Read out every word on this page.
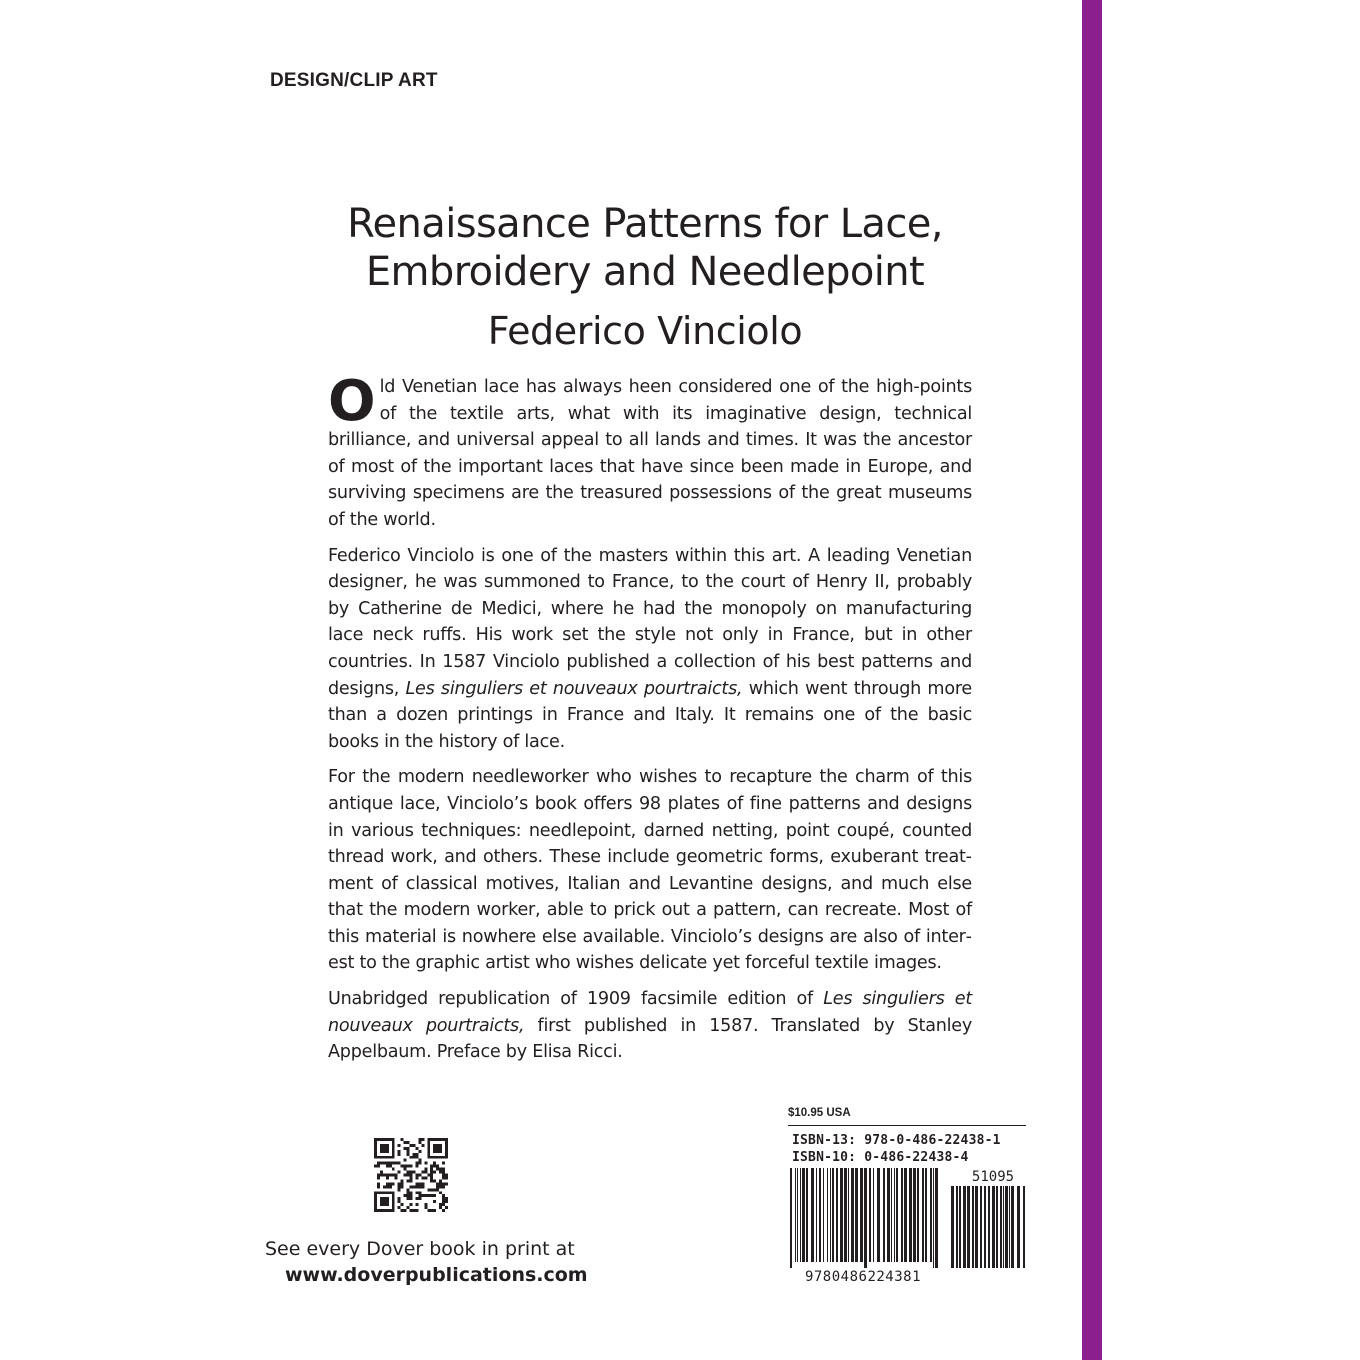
DESIGN/CLIP ART
Renaissance Patterns for Lace,
Embroidery and Needlepoint
Federico Vinciolo

Old Venetian lace has always heen considered one of the high-points of the textile arts, what with its imaginative design, technical brilliance, and universal appeal to all lands and times. It was the ancestor of most of the important laces that have since been made in Europe, and surviving specimens are the treasured possessions of the great museums of the world.

Federico Vinciolo is one of the masters within this art. A leading Venetian designer, he was summoned to France, to the court of Henry II, probably by Catherine de Medici, where he had the monopoly on manufacturing lace neck ruffs. His work set the style not only in France, but in other countries. In 1587 Vinciolo published a collection of his best patterns and designs, Les singuliers et nouveaux pourtraicts, which went through more than a dozen printings in France and Italy. It remains one of the basic books in the history of lace.

For the modern needleworker who wishes to recapture the charm of this antique lace, Vinciolo’s book offers 98 plates of fine patterns and designs in various techniques: needlepoint, darned netting, point coupé, counted thread work, and others. These include geometric forms, exuberant treatment of classical motives, Italian and Levantine designs, and much else that the modern worker, able to prick out a pattern, can recreate. Most of this material is nowhere else available. Vinciolo’s designs are also of interest to the graphic artist who wishes delicate yet forceful textile images.

Unabridged republication of 1909 facsimile edition of Les singuliers et nouveaux pourtraicts, first published in 1587. Translated by Stanley Appelbaum. Preface by Elisa Ricci.

See every Dover book in print at
www.doverpublications.com
$10.95 USA
ISBN-13: 978-0-486-22438-1
ISBN-10: 0-486-22438-4
51095
9780486224381
